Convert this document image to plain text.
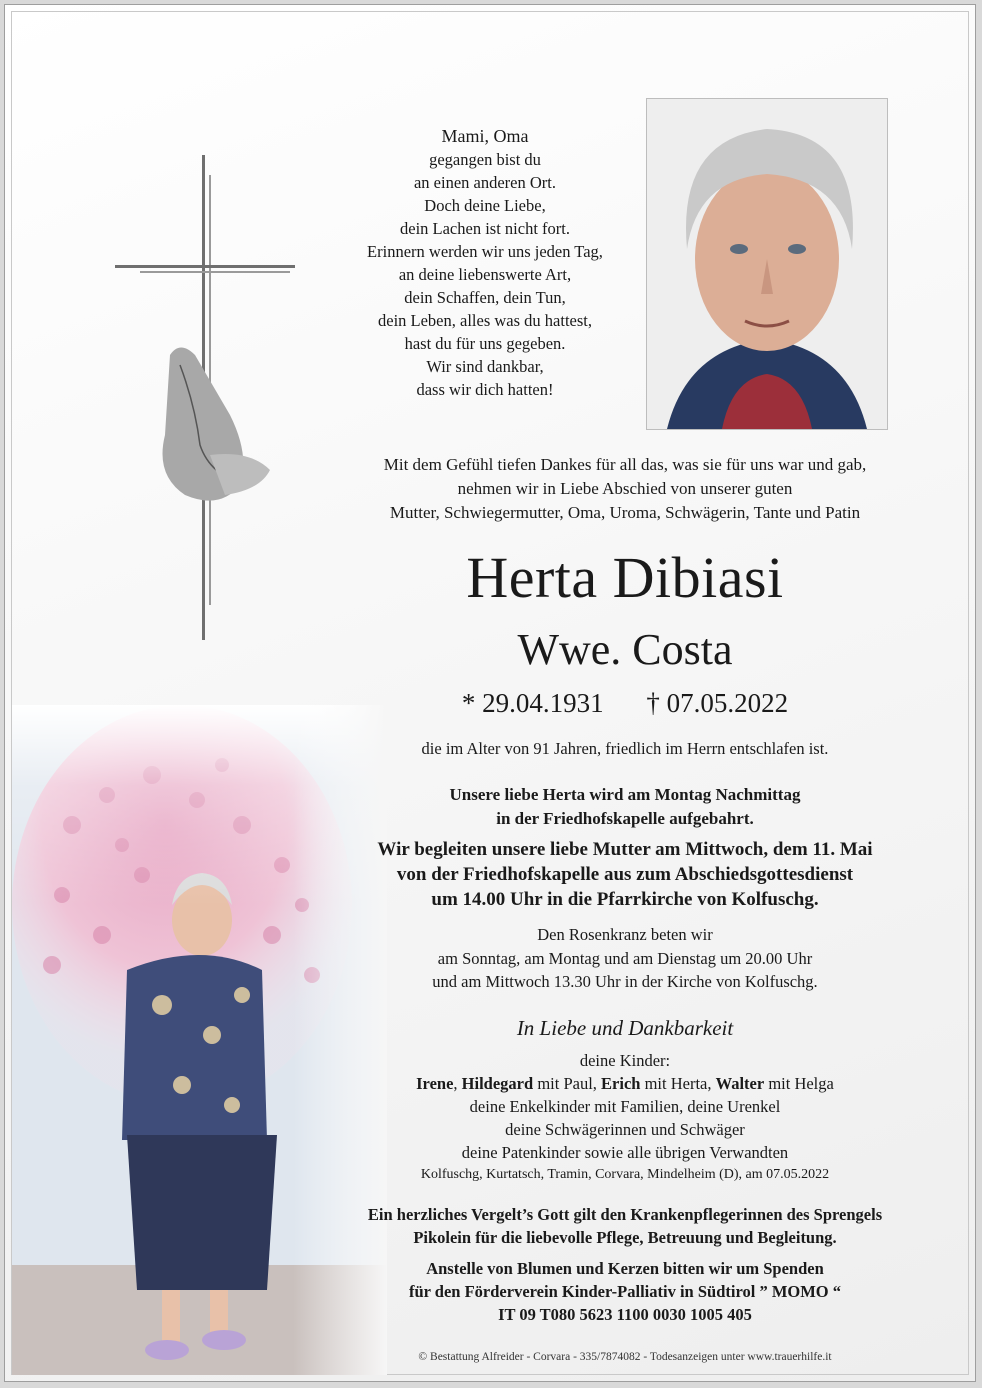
Mami, Oma
gegangen bist du
an einen anderen Ort.
Doch deine Liebe,
dein Lachen ist nicht fort.
Erinnern werden wir uns jeden Tag,
an deine liebenswerte Art,
dein Schaffen, dein Tun,
dein Leben, alles was du hattest,
hast du für uns gegeben.
Wir sind dankbar,
dass wir dich hatten!
Mit dem Gefühl tiefen Dankes für all das, was sie für uns war und gab,
nehmen wir in Liebe Abschied von unserer guten
Mutter, Schwiegermutter, Oma, Uroma, Schwägerin, Tante und Patin
Herta Dibiasi
Wwe. Costa
* 29.04.1931 † 07.05.2022
die im Alter von 91 Jahren, friedlich im Herrn entschlafen ist.
Unsere liebe Herta wird am Montag Nachmittag
in der Friedhofskapelle aufgebahrt.
Wir begleiten unsere liebe Mutter am Mittwoch, dem 11. Mai
von der Friedhofskapelle aus zum Abschiedsgottesdienst
um 14.00 Uhr in die Pfarrkirche von Kolfuschg.
Den Rosenkranz beten wir
am Sonntag, am Montag und am Dienstag um 20.00 Uhr
und am Mittwoch 13.30 Uhr in der Kirche von Kolfuschg.
In Liebe und Dankbarkeit
deine Kinder:
Irene, Hildegard mit Paul, Erich mit Herta, Walter mit Helga
deine Enkelkinder mit Familien, deine Urenkel
deine Schwägerinnen und Schwäger
deine Patenkinder sowie alle übrigen Verwandten
Kolfuschg, Kurtatsch, Tramin, Corvara, Mindelheim (D), am 07.05.2022
Ein herzliches Vergelt’s Gott gilt den Krankenpflegerinnen des Sprengels
Pikolein für die liebevolle Pflege, Betreuung und Begleitung.
Anstelle von Blumen und Kerzen bitten wir um Spenden
für den Förderverein Kinder-Palliativ in Südtirol ” MOMO “
IT 09 T080 5623 1100 0030 1005 405
© Bestattung Alfreider - Corvara - 335/7874082 - Todesanzeigen unter www.trauerhilfe.it
